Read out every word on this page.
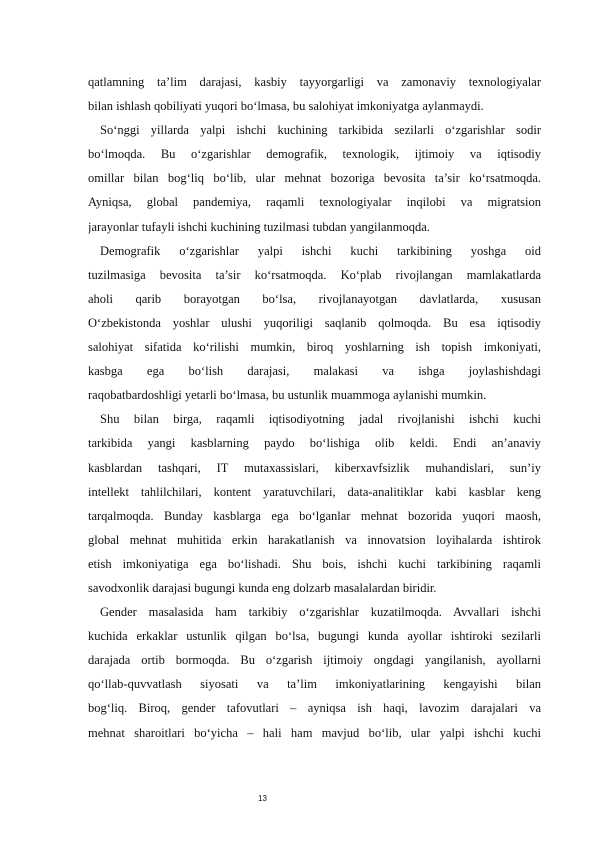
qatlamning ta’lim darajasi, kasbiy tayyorgarligi va zamonaviy texnologiyalar
bilan ishlash qobiliyati yuqori bo‘lmasa, bu salohiyat imkoniyatga aylanmaydi.
So‘nggi yillarda yalpi ishchi kuchining tarkibida sezilarli o‘zgarishlar sodir
bo‘lmoqda. Bu o‘zgarishlar demografik, texnologik, ijtimoiy va iqtisodiy
omillar bilan bog‘liq bo‘lib, ular mehnat bozoriga bevosita ta’sir ko‘rsatmoqda.
Ayniqsa, global pandemiya, raqamli texnologiyalar inqilobi va migratsion
jarayonlar tufayli ishchi kuchining tuzilmasi tubdan yangilanmoqda.
Demografik o‘zgarishlar yalpi ishchi kuchi tarkibining yoshga oid
tuzilmasiga bevosita ta’sir ko‘rsatmoqda. Ko‘plab rivojlangan mamlakatlarda
aholi qarib borayotgan bo‘lsa, rivojlanayotgan davlatlarda, xususan
O‘zbekistonda yoshlar ulushi yuqoriligi saqlanib qolmoqda. Bu esa iqtisodiy
salohiyat sifatida ko‘rilishi mumkin, biroq yoshlarning ish topish imkoniyati,
kasbga ega bo‘lish darajasi, malakasi va ishga joylashishdagi
raqobatbardoshligi yetarli bo‘lmasa, bu ustunlik muammoga aylanishi mumkin.
Shu bilan birga, raqamli iqtisodiyotning jadal rivojlanishi ishchi kuchi
tarkibida yangi kasblarning paydo bo‘lishiga olib keldi. Endi an’anaviy
kasblardan tashqari, IT mutaxassislari, kiberxavfsizlik muhandislari, sun’iy
intellekt tahlilchilari, kontent yaratuvchilari, data-analitiklar kabi kasblar keng
tarqalmoqda. Bunday kasblarga ega bo‘lganlar mehnat bozorida yuqori maosh,
global mehnat muhitida erkin harakatlanish va innovatsion loyihalarda ishtirok
etish imkoniyatiga ega bo‘lishadi. Shu bois, ishchi kuchi tarkibining raqamli
savodxonlik darajasi bugungi kunda eng dolzarb masalalardan biridir.
Gender masalasida ham tarkibiy o‘zgarishlar kuzatilmoqda. Avvallari ishchi
kuchida erkaklar ustunlik qilgan bo‘lsa, bugungi kunda ayollar ishtiroki sezilarli
darajada ortib bormoqda. Bu o‘zgarish ijtimoiy ongdagi yangilanish, ayollarni
qo‘llab-quvvatlash siyosati va ta’lim imkoniyatlarining kengayishi bilan
bog‘liq. Biroq, gender tafovutlari – ayniqsa ish haqi, lavozim darajalari va
mehnat sharoitlari bo‘yicha – hali ham mavjud bo‘lib, ular yalpi ishchi kuchi
13
